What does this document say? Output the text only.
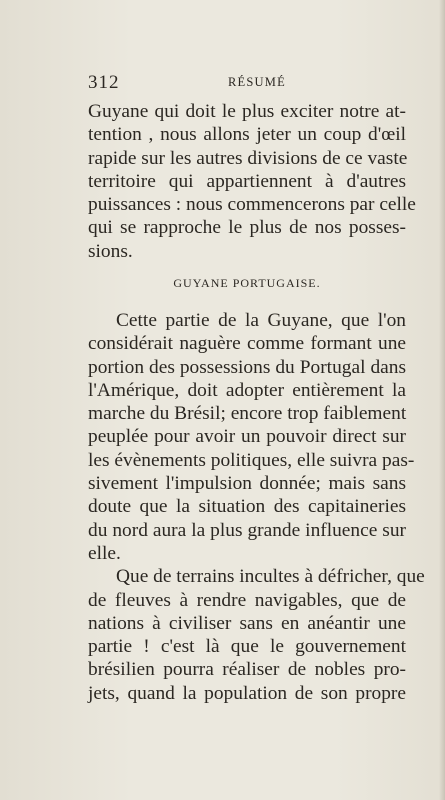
312	RÉSUMÉ
Guyane qui doit le plus exciter notre at-
tention , nous allons jeter un coup d'œil
rapide sur les autres divisions de ce vaste
territoire qui appartiennent à d'autres
puissances : nous commencerons par celle
qui se rapproche le plus de nos posses-
sions.
GUYANE PORTUGAISE.
Cette partie de la Guyane, que l'on
considérait naguère comme formant une
portion des possessions du Portugal dans
l'Amérique, doit adopter entièrement la
marche du Brésil; encore trop faiblement
peuplée pour avoir un pouvoir direct sur
les évènements politiques, elle suivra pas-
sivement l'impulsion donnée; mais sans
doute que la situation des capitaineries
du nord aura la plus grande influence sur
elle.
Que de terrains incultes à défricher, que
de fleuves à rendre navigables, que de
nations à civiliser sans en anéantir une
partie ! c'est là que le gouvernement
brésilien pourra réaliser de nobles pro-
jets, quand la population de son propre
